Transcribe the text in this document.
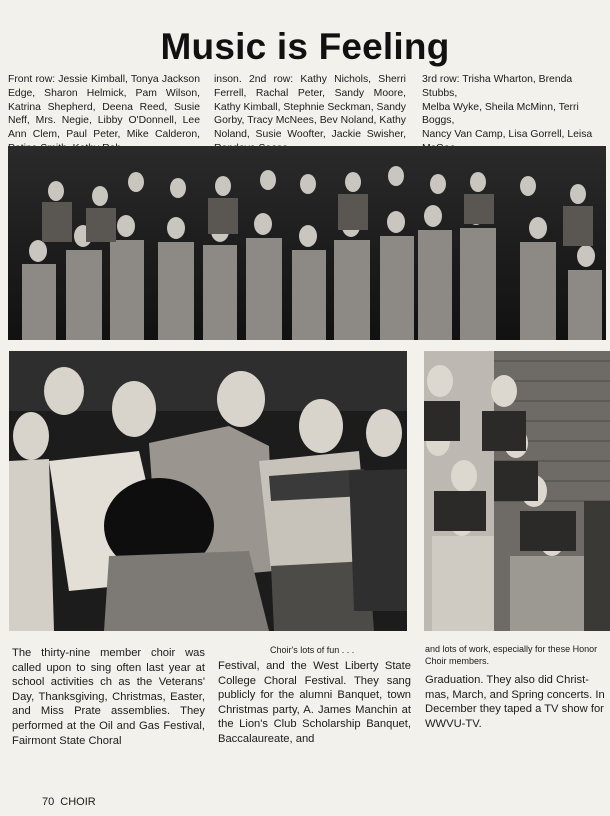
Music is Feeling

Front row: Jessie Kimball, Tonya Jackson Edge, Sharon Helmick, Pam Wilson, Katrina Shepherd, Deena Reed, Susie Neff, Mrs. Negie, Libby O'Donnell, Lee Ann Clem, Paul Peter, Mike Calderon,

inson. 2nd row: Kathy Nichols, Sherri Ferrell, Rachal Peter, Sandy Moore, Kathy Kimball, Stephnie Seckman, Sandy Gorby, Tracy McNees, Bev Noland, Kathy Noland, Susie Woofter, Jackie Swisher,

3rd row: Trisha Wharton, Brenda Stubbs,
Melba Wyke, Sheila McMinn, Terri Boggs,
Nancy Van Camp, Lisa Gorrell, Leisa

Choir's lots of fun . . .	and lots of work, especially for these Honor
Choir members.

The thirty-nine member choir was called upon to sing often last year at school activities ch as the Veterans' Day, Thanksgiving, Christmas, Easter, and Miss Prate assemblies. They performed at the Oil and Gas Festival, Fairmont State Choral

Festival, and the West Liberty State College Choral Festival. They sang publicly for the alumni Banquet, town Christmas party, A. James Manchin at the Lion's Club Scholarship Banquet, Baccalaureate, and

Graduation. They also did Christ-
mas, March, and Spring concerts. In
December they taped a TV show for
WWVU-TV.

70 CHOIR
